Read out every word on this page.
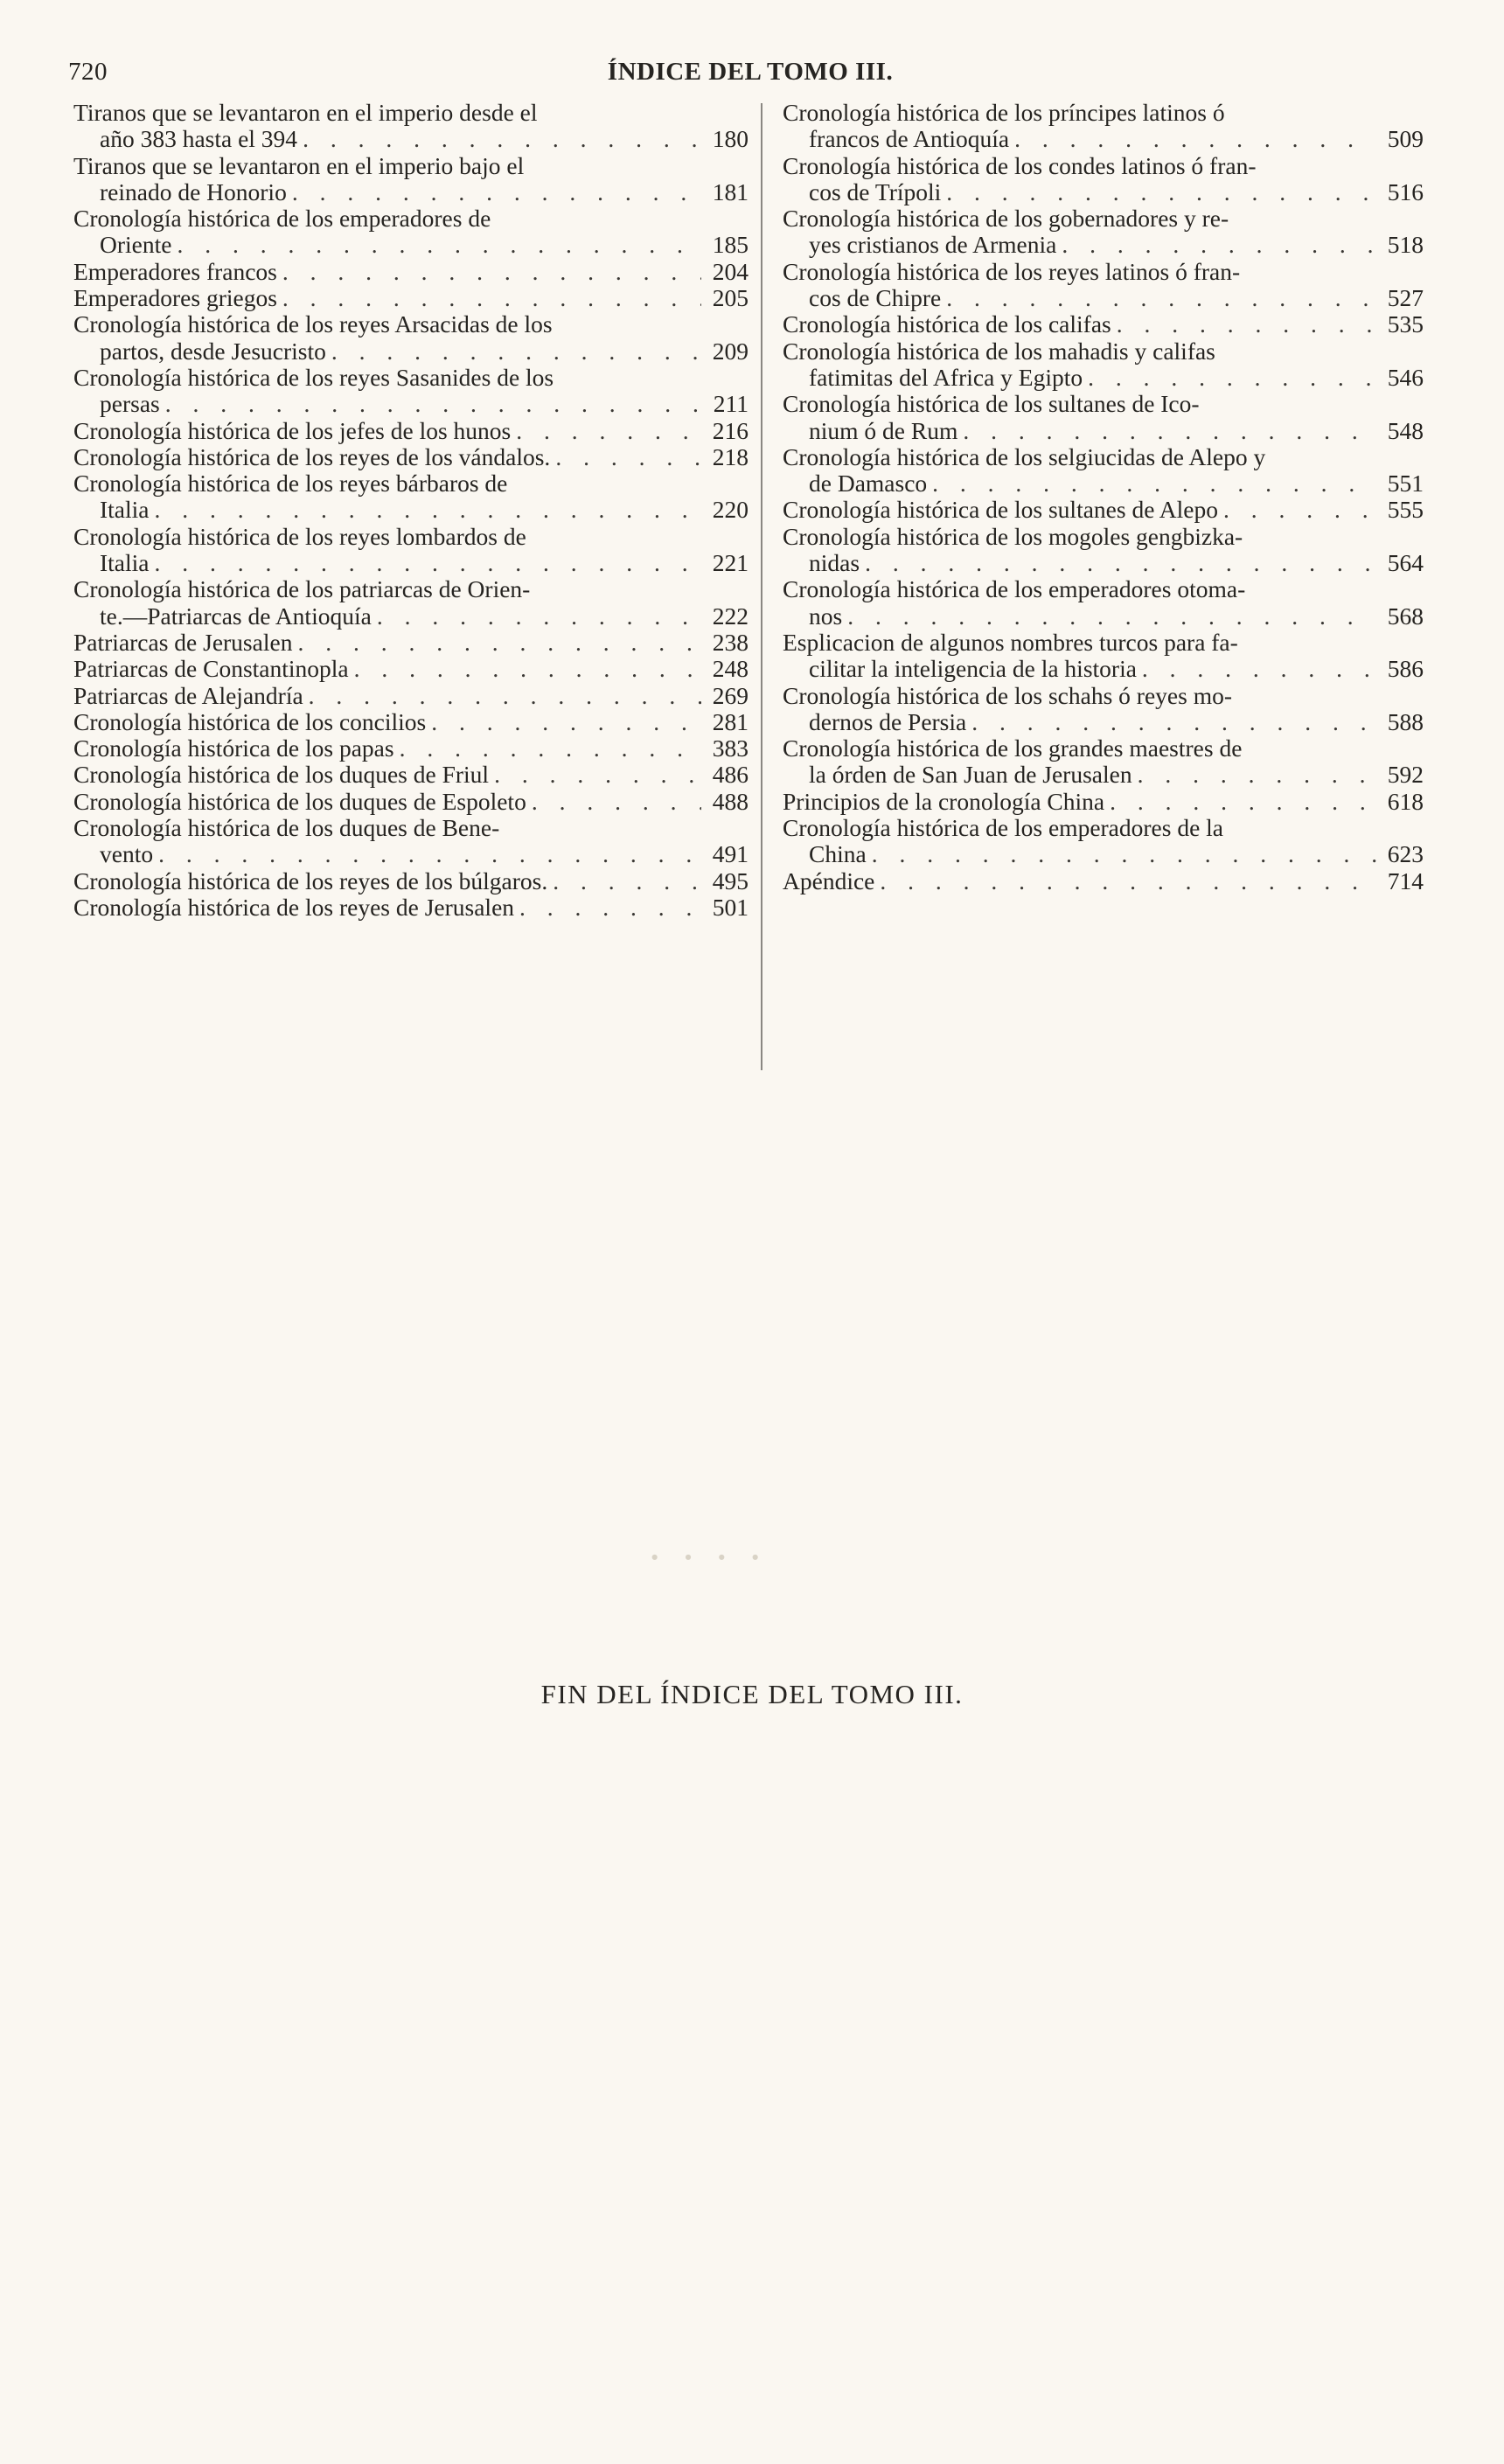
720	ÍNDICE DEL TOMO III.
Tiranos que se levantaron en el imperio desde el
año 383 hasta el 394 . . .	180
Tiranos que se levantaron en el imperio bajo el
reinado de Honorio . . .	181
Cronología histórica de los emperadores de
Oriente . . .	185
Emperadores francos . . .	204
Emperadores griegos . . .	205
Cronología histórica de los reyes Arsacidas de los
partos, desde Jesucristo . . .	209
Cronología histórica de los reyes Sasanides de los
persas . . .	211
Cronología histórica de los jefes de los hunos . . .	216
Cronología histórica de los reyes de los vándalos. . . .	218
Cronología histórica de los reyes bárbaros de
Italia . . .	220
Cronología histórica de los reyes lombardos de
Italia . . .	221
Cronología histórica de los patriarcas de Orien-
te.—Patriarcas de Antioquía . . .	222
Patriarcas de Jerusalen . . .	238
Patriarcas de Constantinopla . . .	248
Patriarcas de Alejandría . . .	269
Cronología histórica de los concilios . . .	281
Cronología histórica de los papas . . .	383
Cronología histórica de los duques de Friul . . .	486
Cronología histórica de los duques de Espoleto . . .	488
Cronología histórica de los duques de Bene-
vento . . .	491
Cronología histórica de los reyes de los búlgaros. . . .	495
Cronología histórica de los reyes de Jerusalen . . .	501
Cronología histórica de los príncipes latinos ó
francos de Antioquía . . .	509
Cronología histórica de los condes latinos ó fran-
cos de Trípoli . . .	516
Cronología histórica de los gobernadores y re-
yes cristianos de Armenia . . .	518
Cronología histórica de los reyes latinos ó fran-
cos de Chipre . . .	527
Cronología histórica de los califas . . .	535
Cronología histórica de los mahadis y califas
fatimitas del Africa y Egipto . . .	546
Cronología histórica de los sultanes de Ico-
nium ó de Rum . . .	548
Cronología histórica de los selgiucidas de Alepo y
de Damasco . . .	551
Cronología histórica de los sultanes de Alepo . . .	555
Cronología histórica de los mogoles gengbizka-
nidas . . .	564
Cronología histórica de los emperadores otoma-
nos . . .	568
Esplicacion de algunos nombres turcos para fa-
cilitar la inteligencia de la historia . . .	586
Cronología histórica de los schahs ó reyes mo-
dernos de Persia . . .	588
Cronología histórica de los grandes maestres de
la órden de San Juan de Jerusalen . . .	592
Principios de la cronología China . . .	618
Cronología histórica de los emperadores de la
China . . .	623
Apéndice . . .	714
· · · ·
FIN DEL ÍNDICE DEL TOMO III.
